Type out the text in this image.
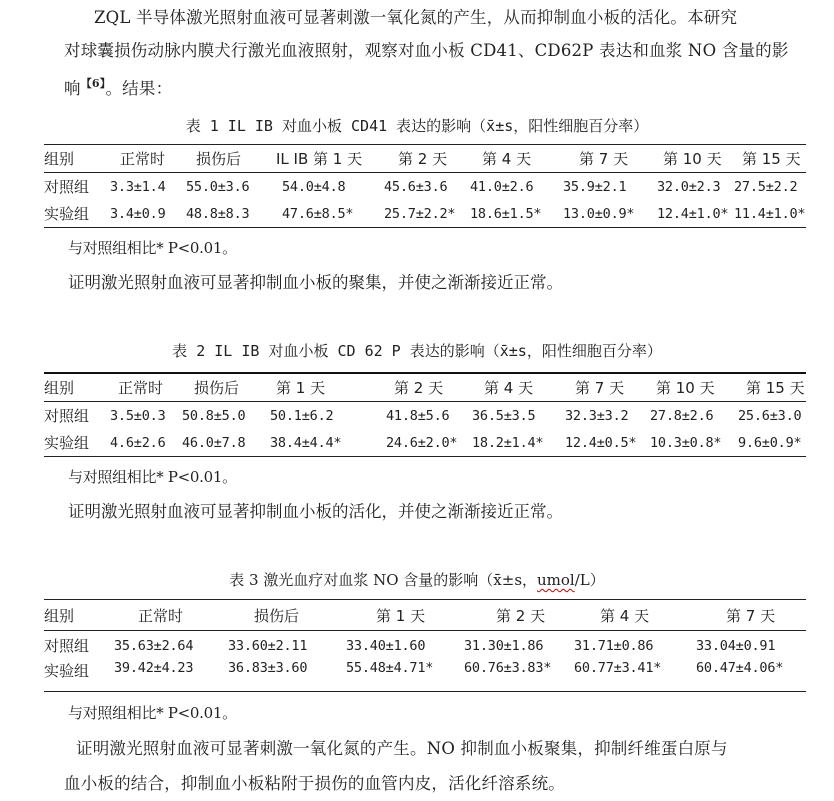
ZQL 半导体激光照射血液可显著刺激一氧化氮的产生，从而抑制血小板的活化。本研究
对球囊损伤动脉内膜犬行激光血液照射，观察对血小板 CD41、CD62P 表达和血浆 NO 含量的影
响$^{【6】}$。结果：
表 1 IL IB 对血小板 CD41 表达的影响（x̄±s，阳性细胞百分率）
组别	正常时	损伤后	IL IB 第 1 天	第 2 天	第 4 天	第 7 天	第 10 天	第 15 天
对照组	3.3±1.4	55.0±3.6	54.0±4.8	45.6±3.6	41.0±2.6	35.9±2.1	32.0±2.3	27.5±2.2
实验组	3.4±0.9	48.8±8.3	47.6±8.5*	25.7±2.2*	18.6±1.5*	13.0±0.9*	12.4±1.0*	11.4±1.0*
与对照组相比* P<0.01。
证明激光照射血液可显著抑制血小板的聚集，并使之渐渐接近正常。
表 2 IL IB 对血小板 CD 62 P 表达的影响（x̄±s，阳性细胞百分率）
组别	正常时	损伤后	第 1 天	第 2 天	第 4 天	第 7 天	第 10 天	第 15 天
对照组	3.5±0.3	50.8±5.0	50.1±6.2	41.8±5.6	36.5±3.5	32.3±3.2	27.8±2.6	25.6±3.0
实验组	4.6±2.6	46.0±7.8	38.4±4.4*	24.6±2.0*	18.2±1.4*	12.4±0.5*	10.3±0.8*	9.6±0.9*
与对照组相比* P<0.01。
证明激光照射血液可显著抑制血小板的活化，并使之渐渐接近正常。
表 3 激光血疗对血浆 NO 含量的影响（x̄±s，umol/L）
组别	正常时	损伤后	第 1 天	第 2 天	第 4 天	第 7 天
对照组	35.63±2.64	33.60±2.11	33.40±1.60	31.30±1.86	31.71±0.86	33.04±0.91
实验组	39.42±4.23	36.83±3.60	55.48±4.71*	60.76±3.83*	60.77±3.41*	60.47±4.06*
与对照组相比* P<0.01。
证明激光照射血液可显著刺激一氧化氮的产生。NO 抑制血小板聚集，抑制纤维蛋白原与
血小板的结合，抑制血小板粘附于损伤的血管内皮，活化纤溶系统。
